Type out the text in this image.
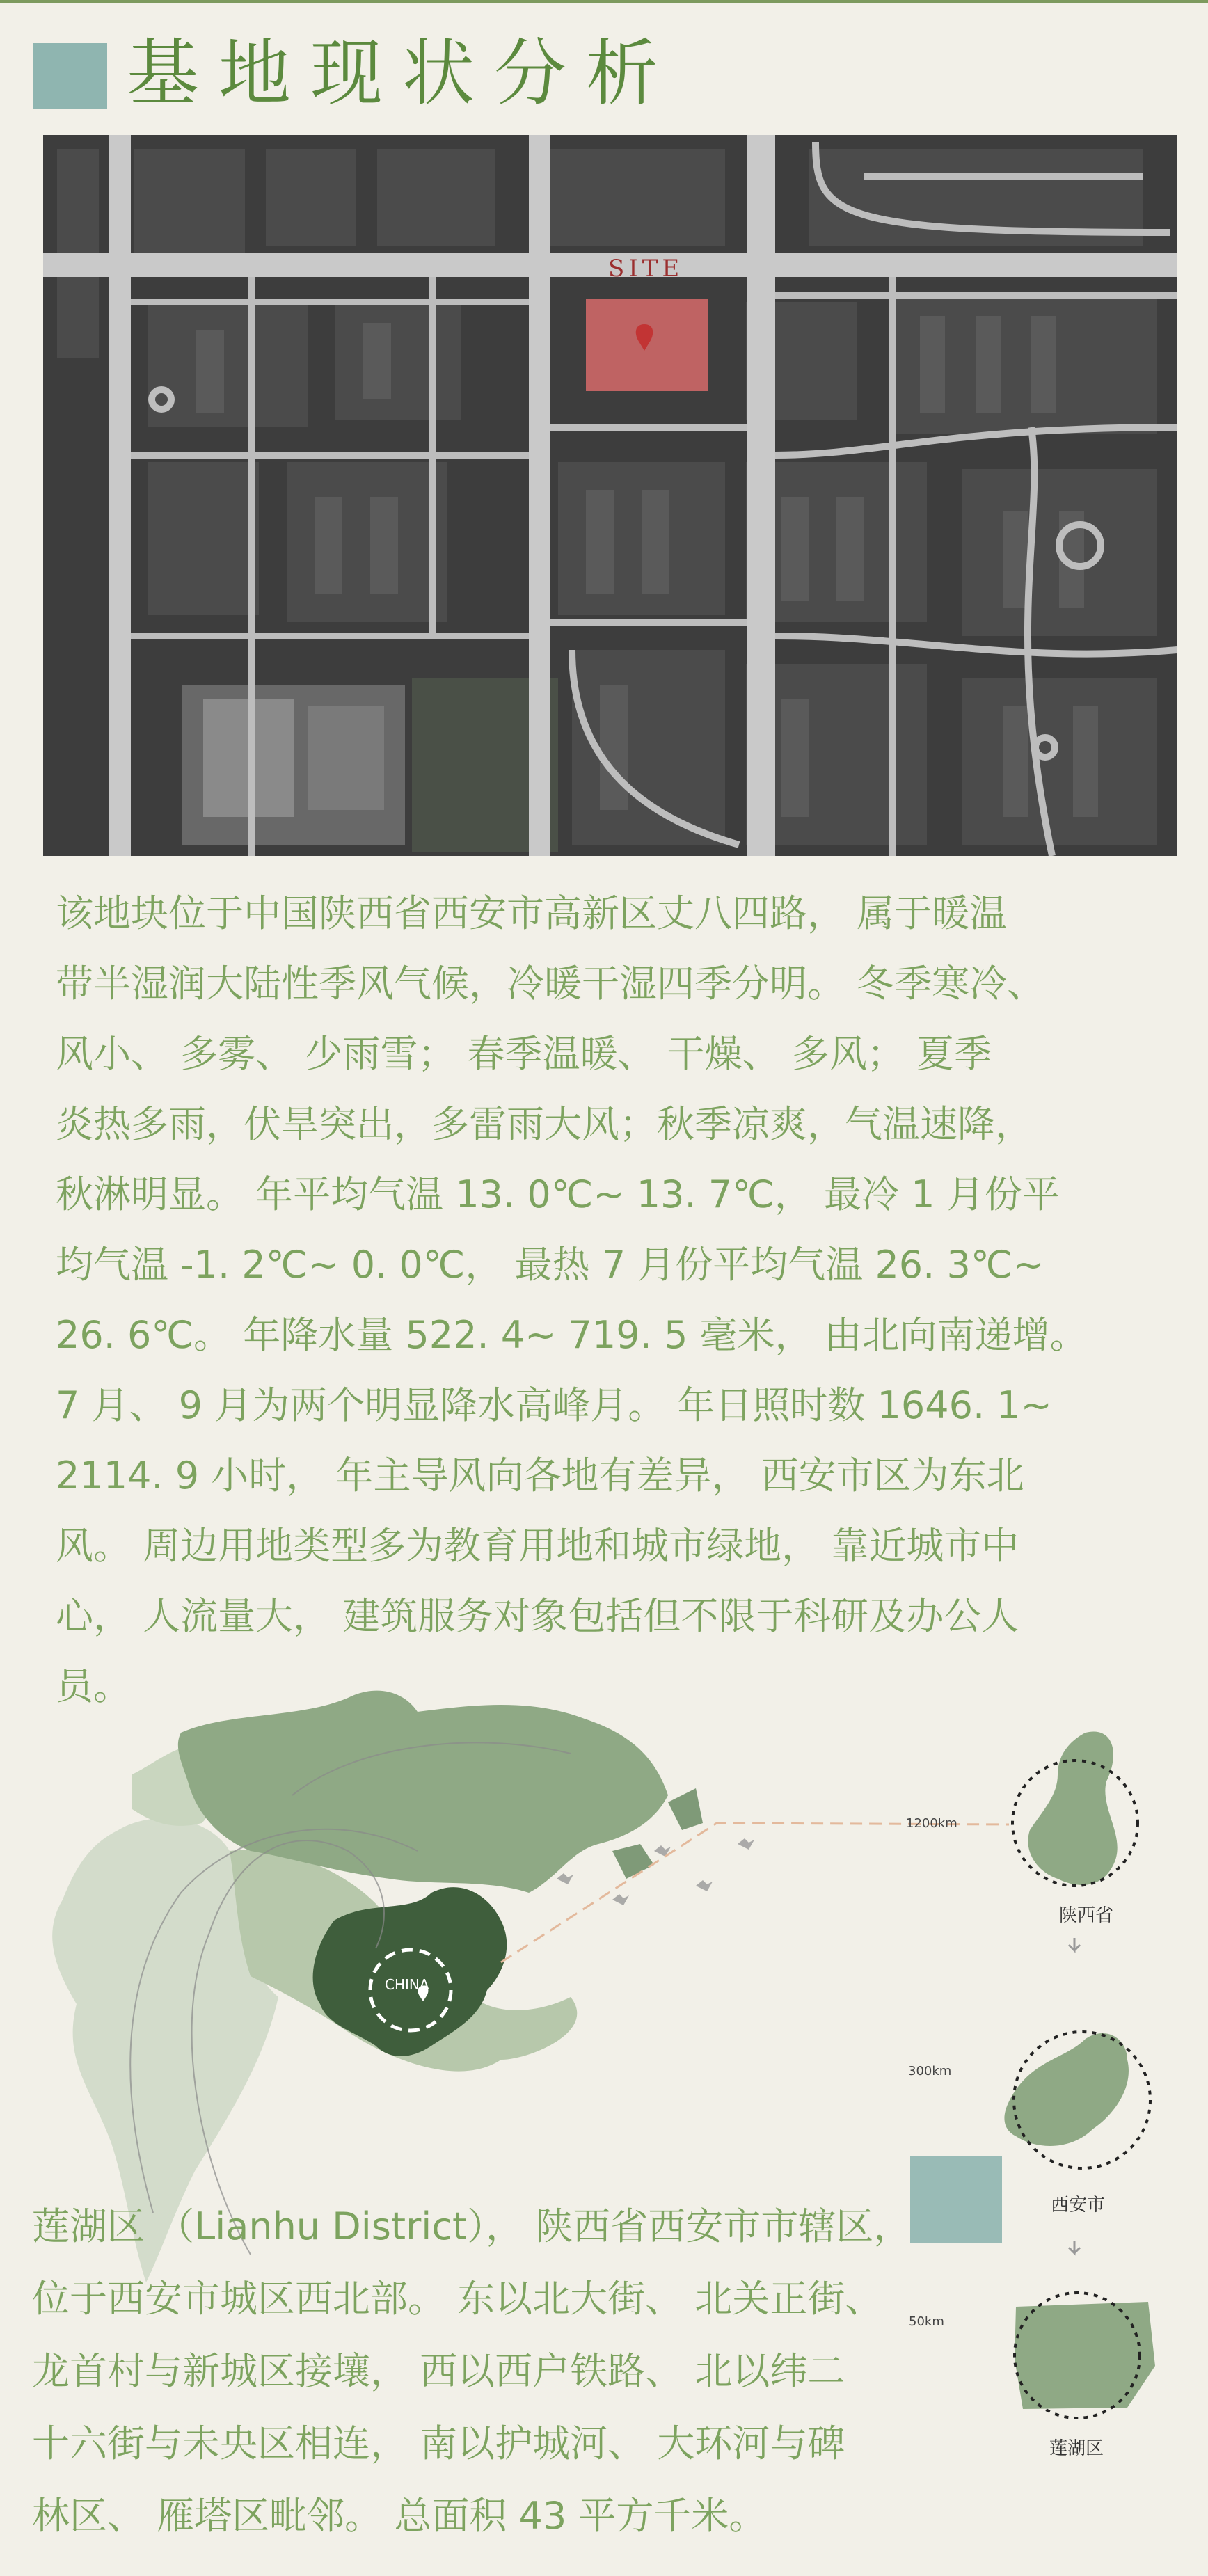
基地现状分析
SITE

该地块位于中国陕西省西安市高新区丈八四路， 属于暖温

带半湿润大陆性季风气候，冷暖干湿四季分明。 冬季寒冷、

风小、 多雾、 少雨雪； 春季温暖、 干燥、 多风； 夏季

炎热多雨，伏旱突出，多雷雨大风；秋季凉爽，气温速降，

秋淋明显。 年平均气温 13. 0℃~ 13. 7℃， 最冷 1 月份平

均气温 -1. 2℃~ 0. 0℃， 最热 7 月份平均气温 26. 3℃~

26. 6℃。 年降水量 522. 4~ 719. 5 毫米， 由北向南递增。

7 月、 9 月为两个明显降水高峰月。 年日照时数 1646. 1~

2114. 9 小时， 年主导风向各地有差异， 西安市区为东北

风。 周边用地类型多为教育用地和城市绿地， 靠近城市中

心， 人流量大， 建筑服务对象包括但不限于科研及办公人

员。

CHINA
1200km
300km
50km
陕西省
西安市
莲湖区

莲湖区 （Lianhu District）， 陕西省西安市市辖区，

位于西安市城区西北部。 东以北大街、 北关正街、

龙首村与新城区接壤， 西以西户铁路、 北以纬二

十六街与未央区相连， 南以护城河、 大环河与碑

林区、 雁塔区毗邻。 总面积 43 平方千米。
